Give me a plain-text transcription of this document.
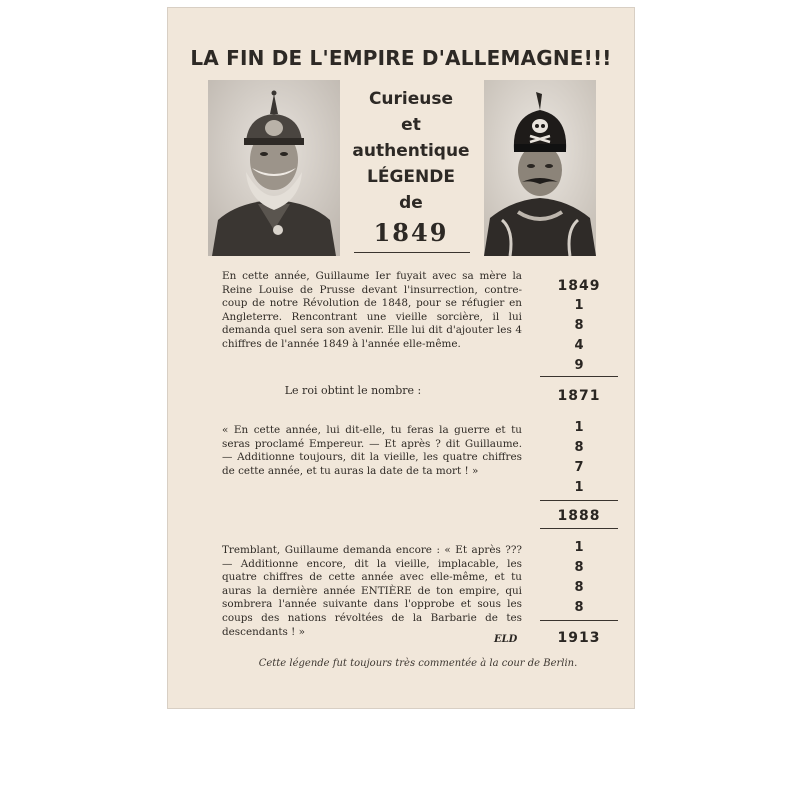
LA FIN DE L'EMPIRE D'ALLEMAGNE!!!
Curieuse
et authentique
LÉGENDE
de
1849
En cette année, Guillaume Ier fuyait avec sa mère la Reine Louise de Prusse devant l'insurrection, contre-coup de notre Révolution de 1848, pour se réfugier en Angleterre. Rencontrant une vieille sorcière, il lui demanda quel sera son avenir. Elle lui dit d'ajouter les 4 chiffres de l'année 1849 à l'année elle-même.
Le roi obtint le nombre :
« En cette année, lui dit-elle, tu feras la guerre et tu seras proclamé Empereur. — Et après ? dit Guillaume. — Additionne toujours, dit la vieille, les quatre chiffres de cette année, et tu auras la date de ta mort ! »
Tremblant, Guillaume demanda encore : « Et après ??? — Additionne encore, dit la vieille, implacable, les quatre chiffres de cette année avec elle-même, et tu auras la dernière année ENTIÈRE de ton empire, qui sombrera l'année suivante dans l'opprobe et sous les coups des nations révoltées de la Barbarie de tes descendants ! »
1849
1
8
4
9
1871
1
8
7
1
1888
1
8
8
8
1913
ELD
Cette légende fut toujours très commentée à la cour de Berlin.
